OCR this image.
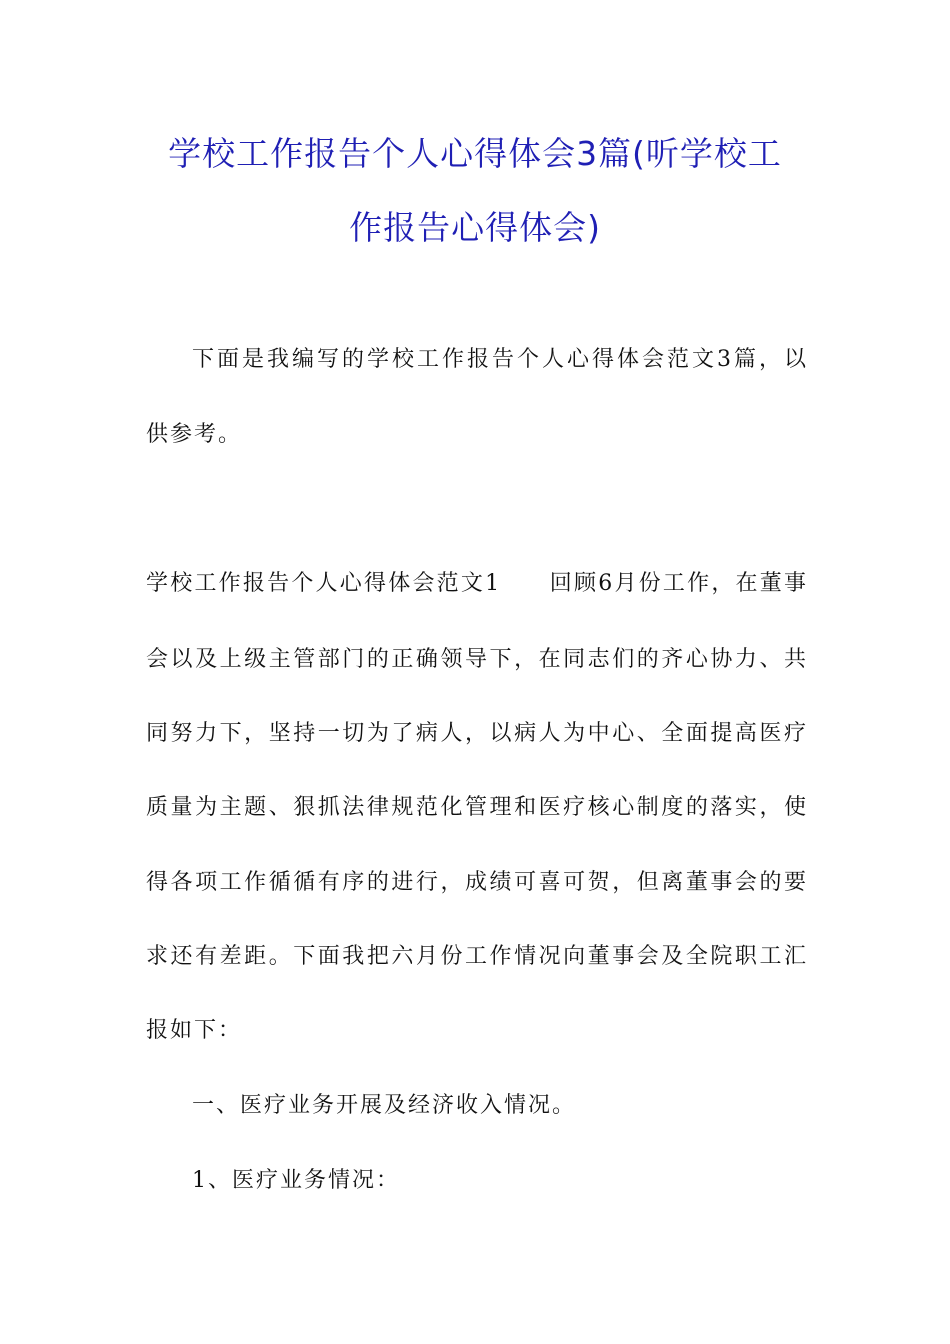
学校工作报告个人心得体会3篇(听学校工
作报告心得体会)
下面是我编写的学校工作报告个人心得体会范文3篇，以
供参考。
学校工作报告个人心得体会范文1　　回顾6月份工作，在董事
会以及上级主管部门的正确领导下，在同志们的齐心协力、共
同努力下，坚持一切为了病人，以病人为中心、全面提高医疗
质量为主题、狠抓法律规范化管理和医疗核心制度的落实，使
得各项工作循循有序的进行，成绩可喜可贺，但离董事会的要
求还有差距。下面我把六月份工作情况向董事会及全院职工汇
报如下：
一、医疗业务开展及经济收入情况。
1、医疗业务情况：
